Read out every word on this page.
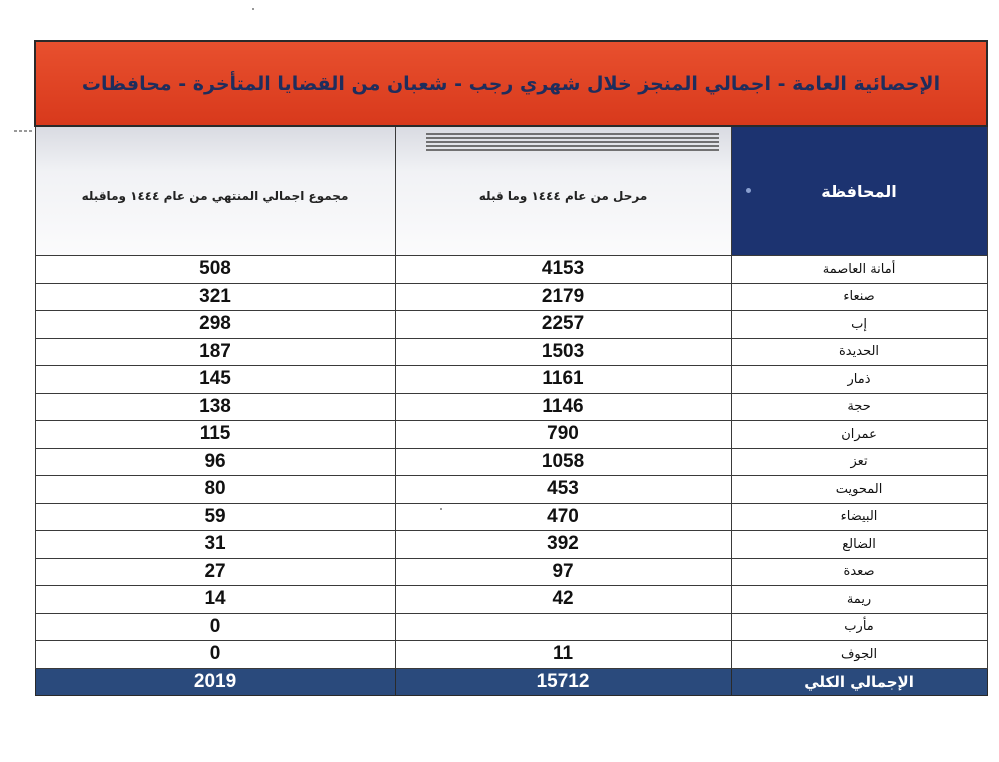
الإحصائية العامة - اجمالي المنجز خلال شهري رجب - شعبان من القضايا المتأخرة - محافظات		
المحافظة	مرحل من عام ١٤٤٤ وما قبله	مجموع اجمالي المنتهي من عام ١٤٤٤ وماقبله

أمانة العاصمة	4153	508
صنعاء	2179	321
إب	2257	298
الحديدة	1503	187
ذمار	1161	145
حجة	1146	138
عمران	790	115
تعز	1058	96
المحويت	453	80
البيضاء	470	59
الضالع	392	31
صعدة	97	27
ريمة	42	14
مأرب		0
الجوف	11	0
الإجمالي الكلي	15712	2019
